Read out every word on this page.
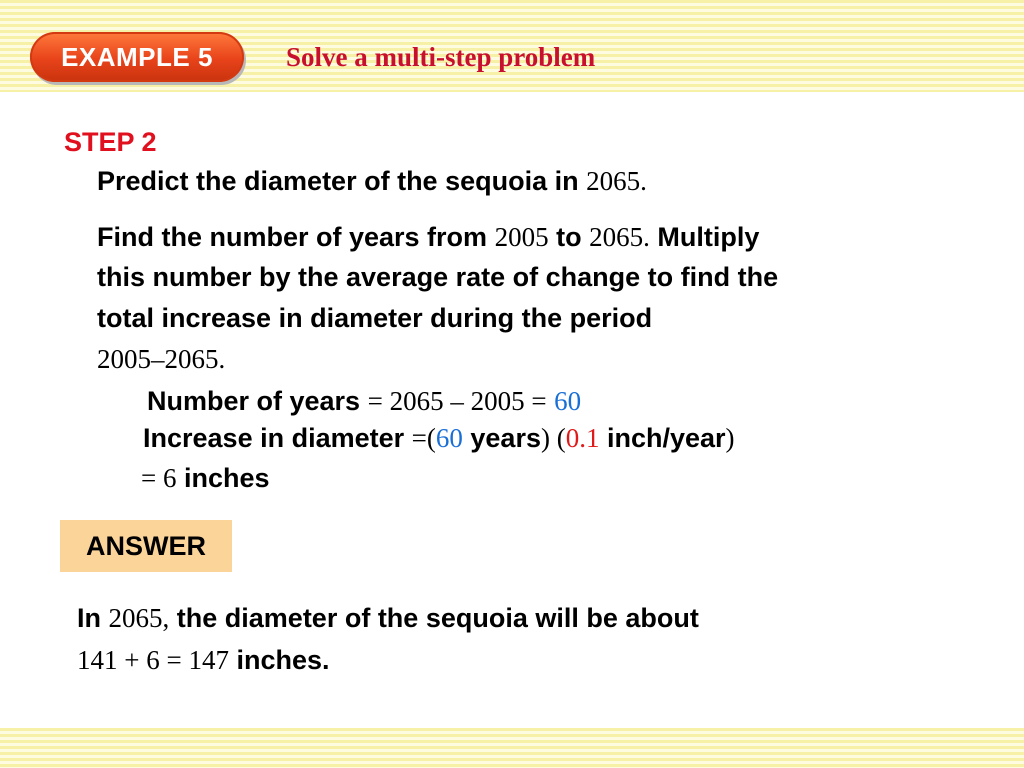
EXAMPLE 5	Solve a multi-step problem
STEP 2
Predict the diameter of the sequoia in 2065.
Find the number of years from 2005 to 2065. Multiply
this number by the average rate of change to find the
total increase in diameter during the period
2005–2065.
Number of years = 2065 – 2005 = 60
Increase in diameter =(60 years) (0.1 inch/year)
= 6 inches
ANSWER
In 2065, the diameter of the sequoia will be about
141 + 6 = 147 inches.
